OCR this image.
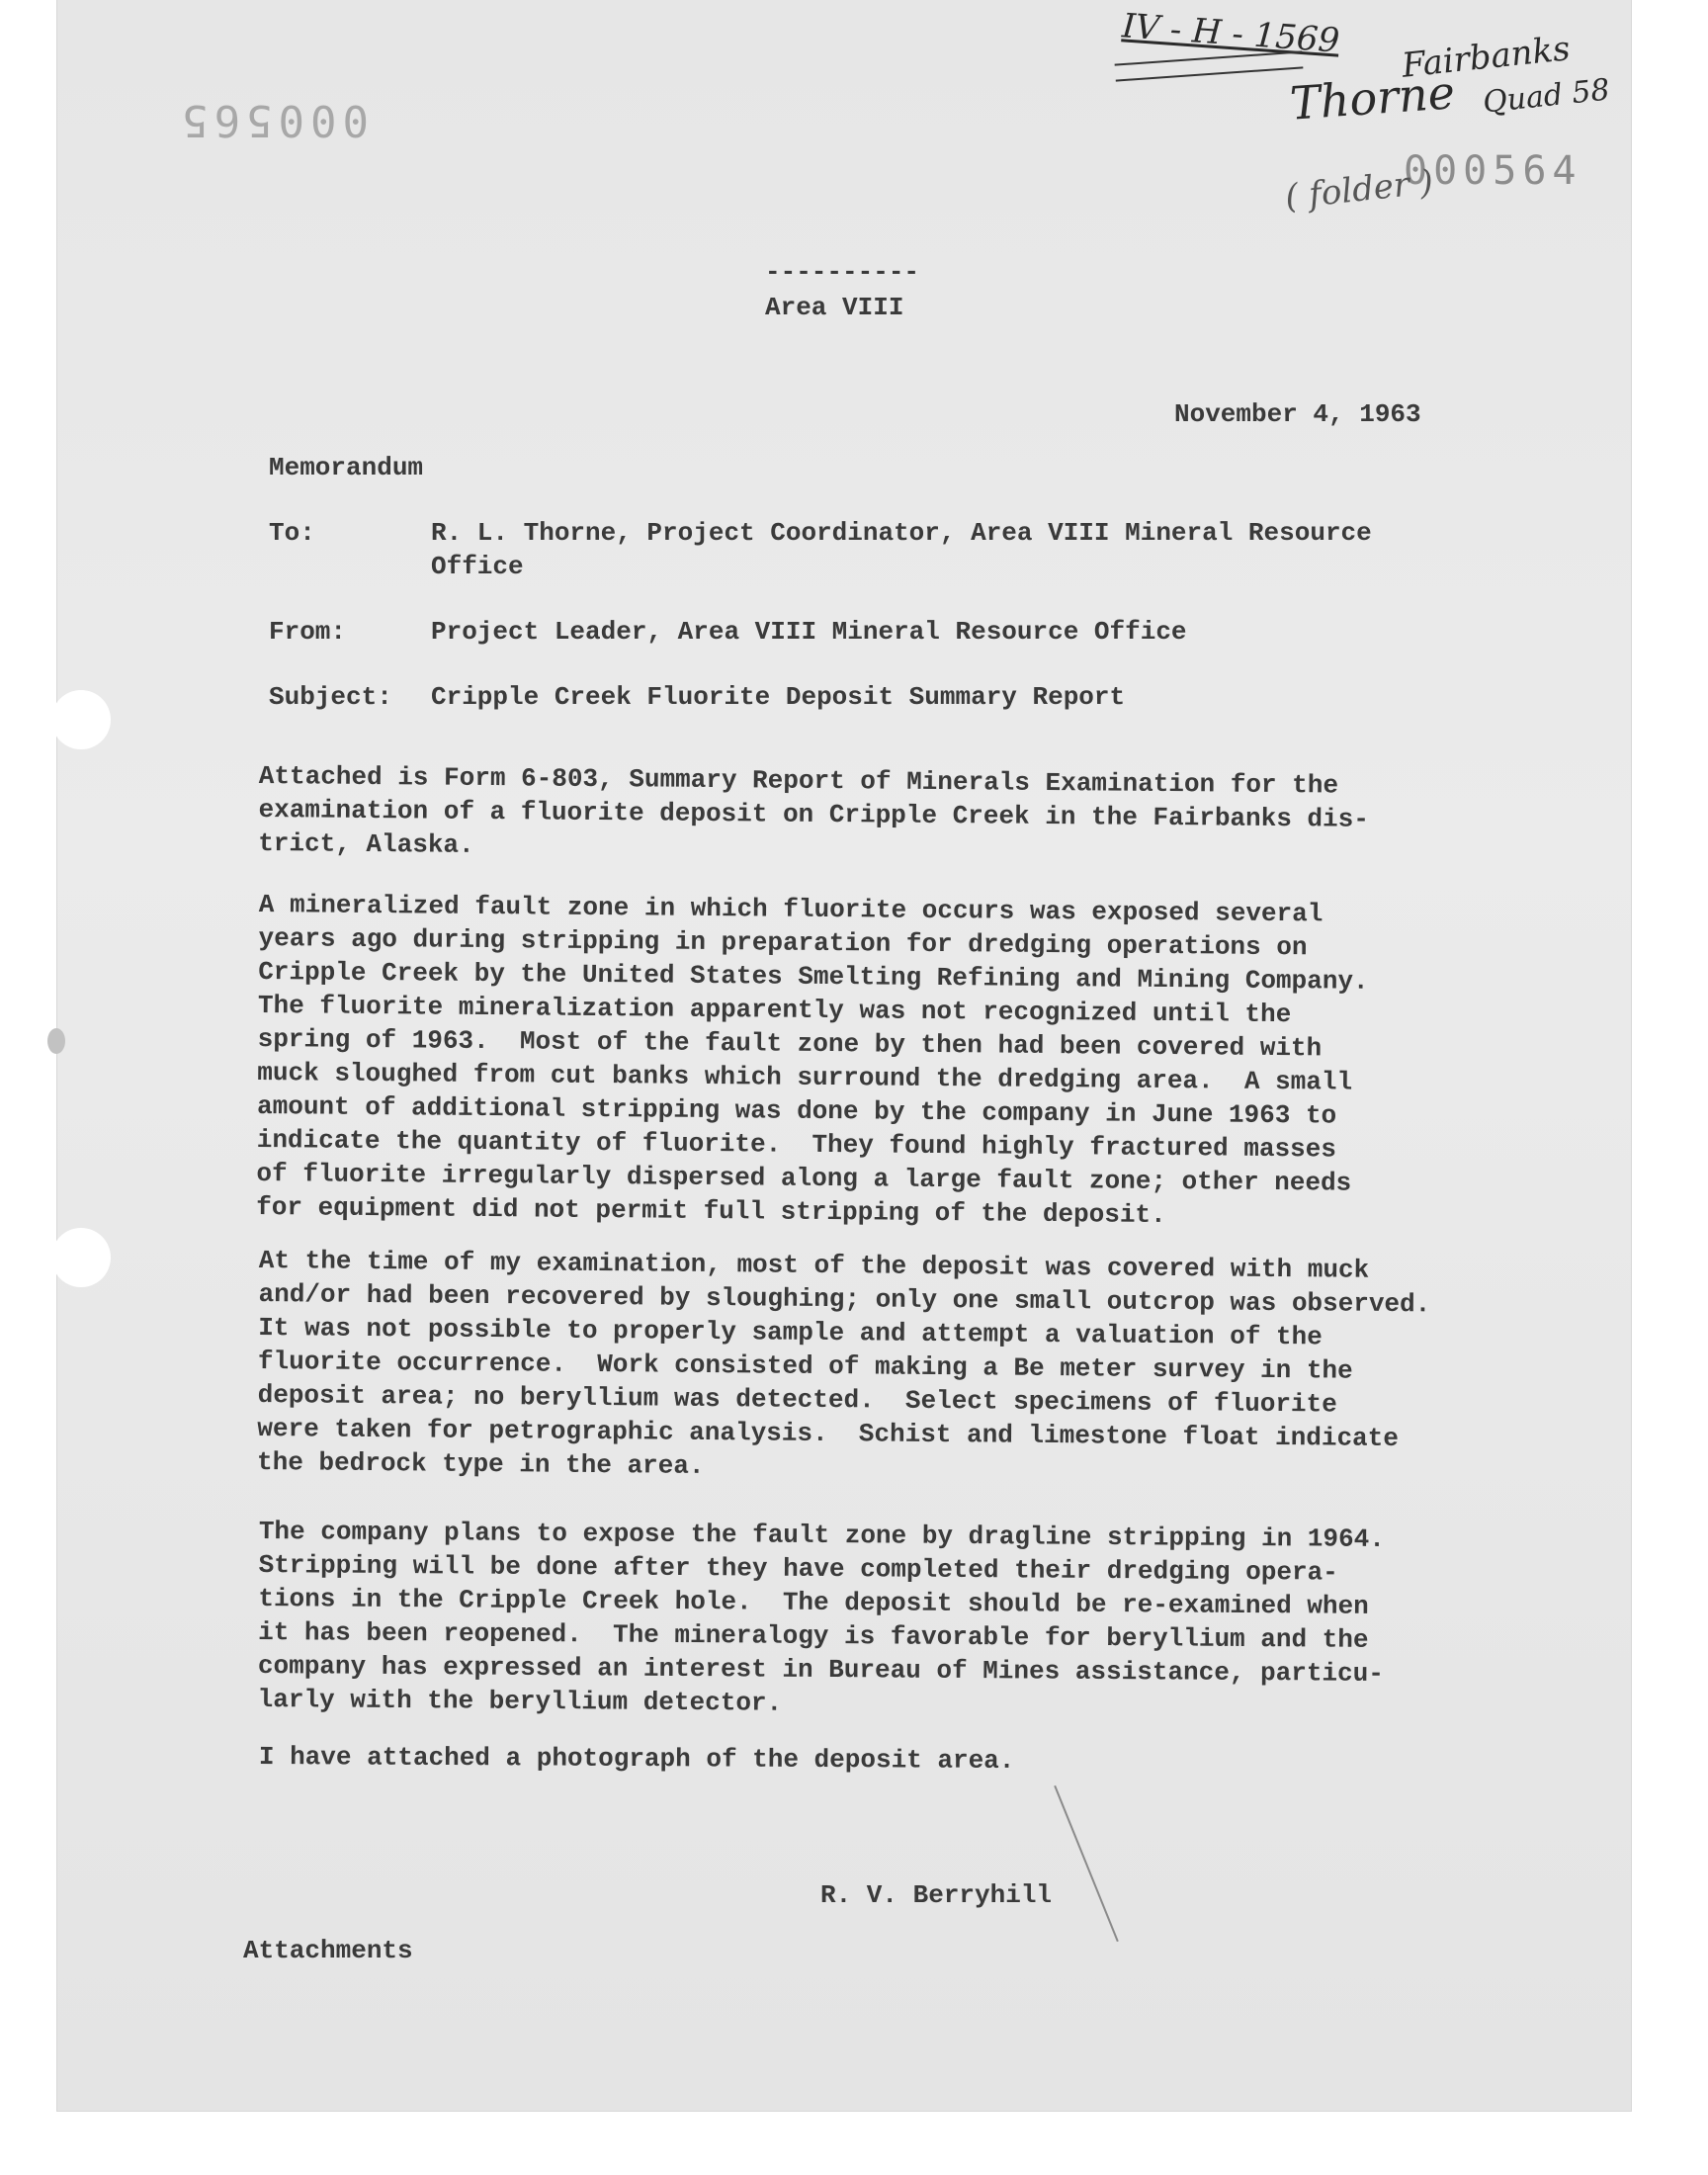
000565
000564
IV - H - 1569 Fairbanks
Thorne Quad 58
( folder )
----------
Area VIII
November 4, 1963
Memorandum
To:	R. L. Thorne, Project Coordinator, Area VIII Mineral Resource
Office
From:	Project Leader, Area VIII Mineral Resource Office
Subject: Cripple Creek Fluorite Deposit Summary Report
Attached is Form 6-803, Summary Report of Minerals Examination for the
examination of a fluorite deposit on Cripple Creek in the Fairbanks dis-
trict, Alaska.
A mineralized fault zone in which fluorite occurs was exposed several
years ago during stripping in preparation for dredging operations on
Cripple Creek by the United States Smelting Refining and Mining Company.
The fluorite mineralization apparently was not recognized until the
spring of 1963.  Most of the fault zone by then had been covered with
muck sloughed from cut banks which surround the dredging area.  A small
amount of additional stripping was done by the company in June 1963 to
indicate the quantity of fluorite.  They found highly fractured masses
of fluorite irregularly dispersed along a large fault zone; other needs
for equipment did not permit full stripping of the deposit.
At the time of my examination, most of the deposit was covered with muck
and/or had been recovered by sloughing; only one small outcrop was observed.
It was not possible to properly sample and attempt a valuation of the
fluorite occurrence.  Work consisted of making a Be meter survey in the
deposit area; no beryllium was detected.  Select specimens of fluorite
were taken for petrographic analysis.  Schist and limestone float indicate
the bedrock type in the area.
The company plans to expose the fault zone by dragline stripping in 1964.
Stripping will be done after they have completed their dredging opera-
tions in the Cripple Creek hole.  The deposit should be re-examined when
it has been reopened.  The mineralogy is favorable for beryllium and the
company has expressed an interest in Bureau of Mines assistance, particu-
larly with the beryllium detector.
I have attached a photograph of the deposit area.
R. V. Berryhill
Attachments
